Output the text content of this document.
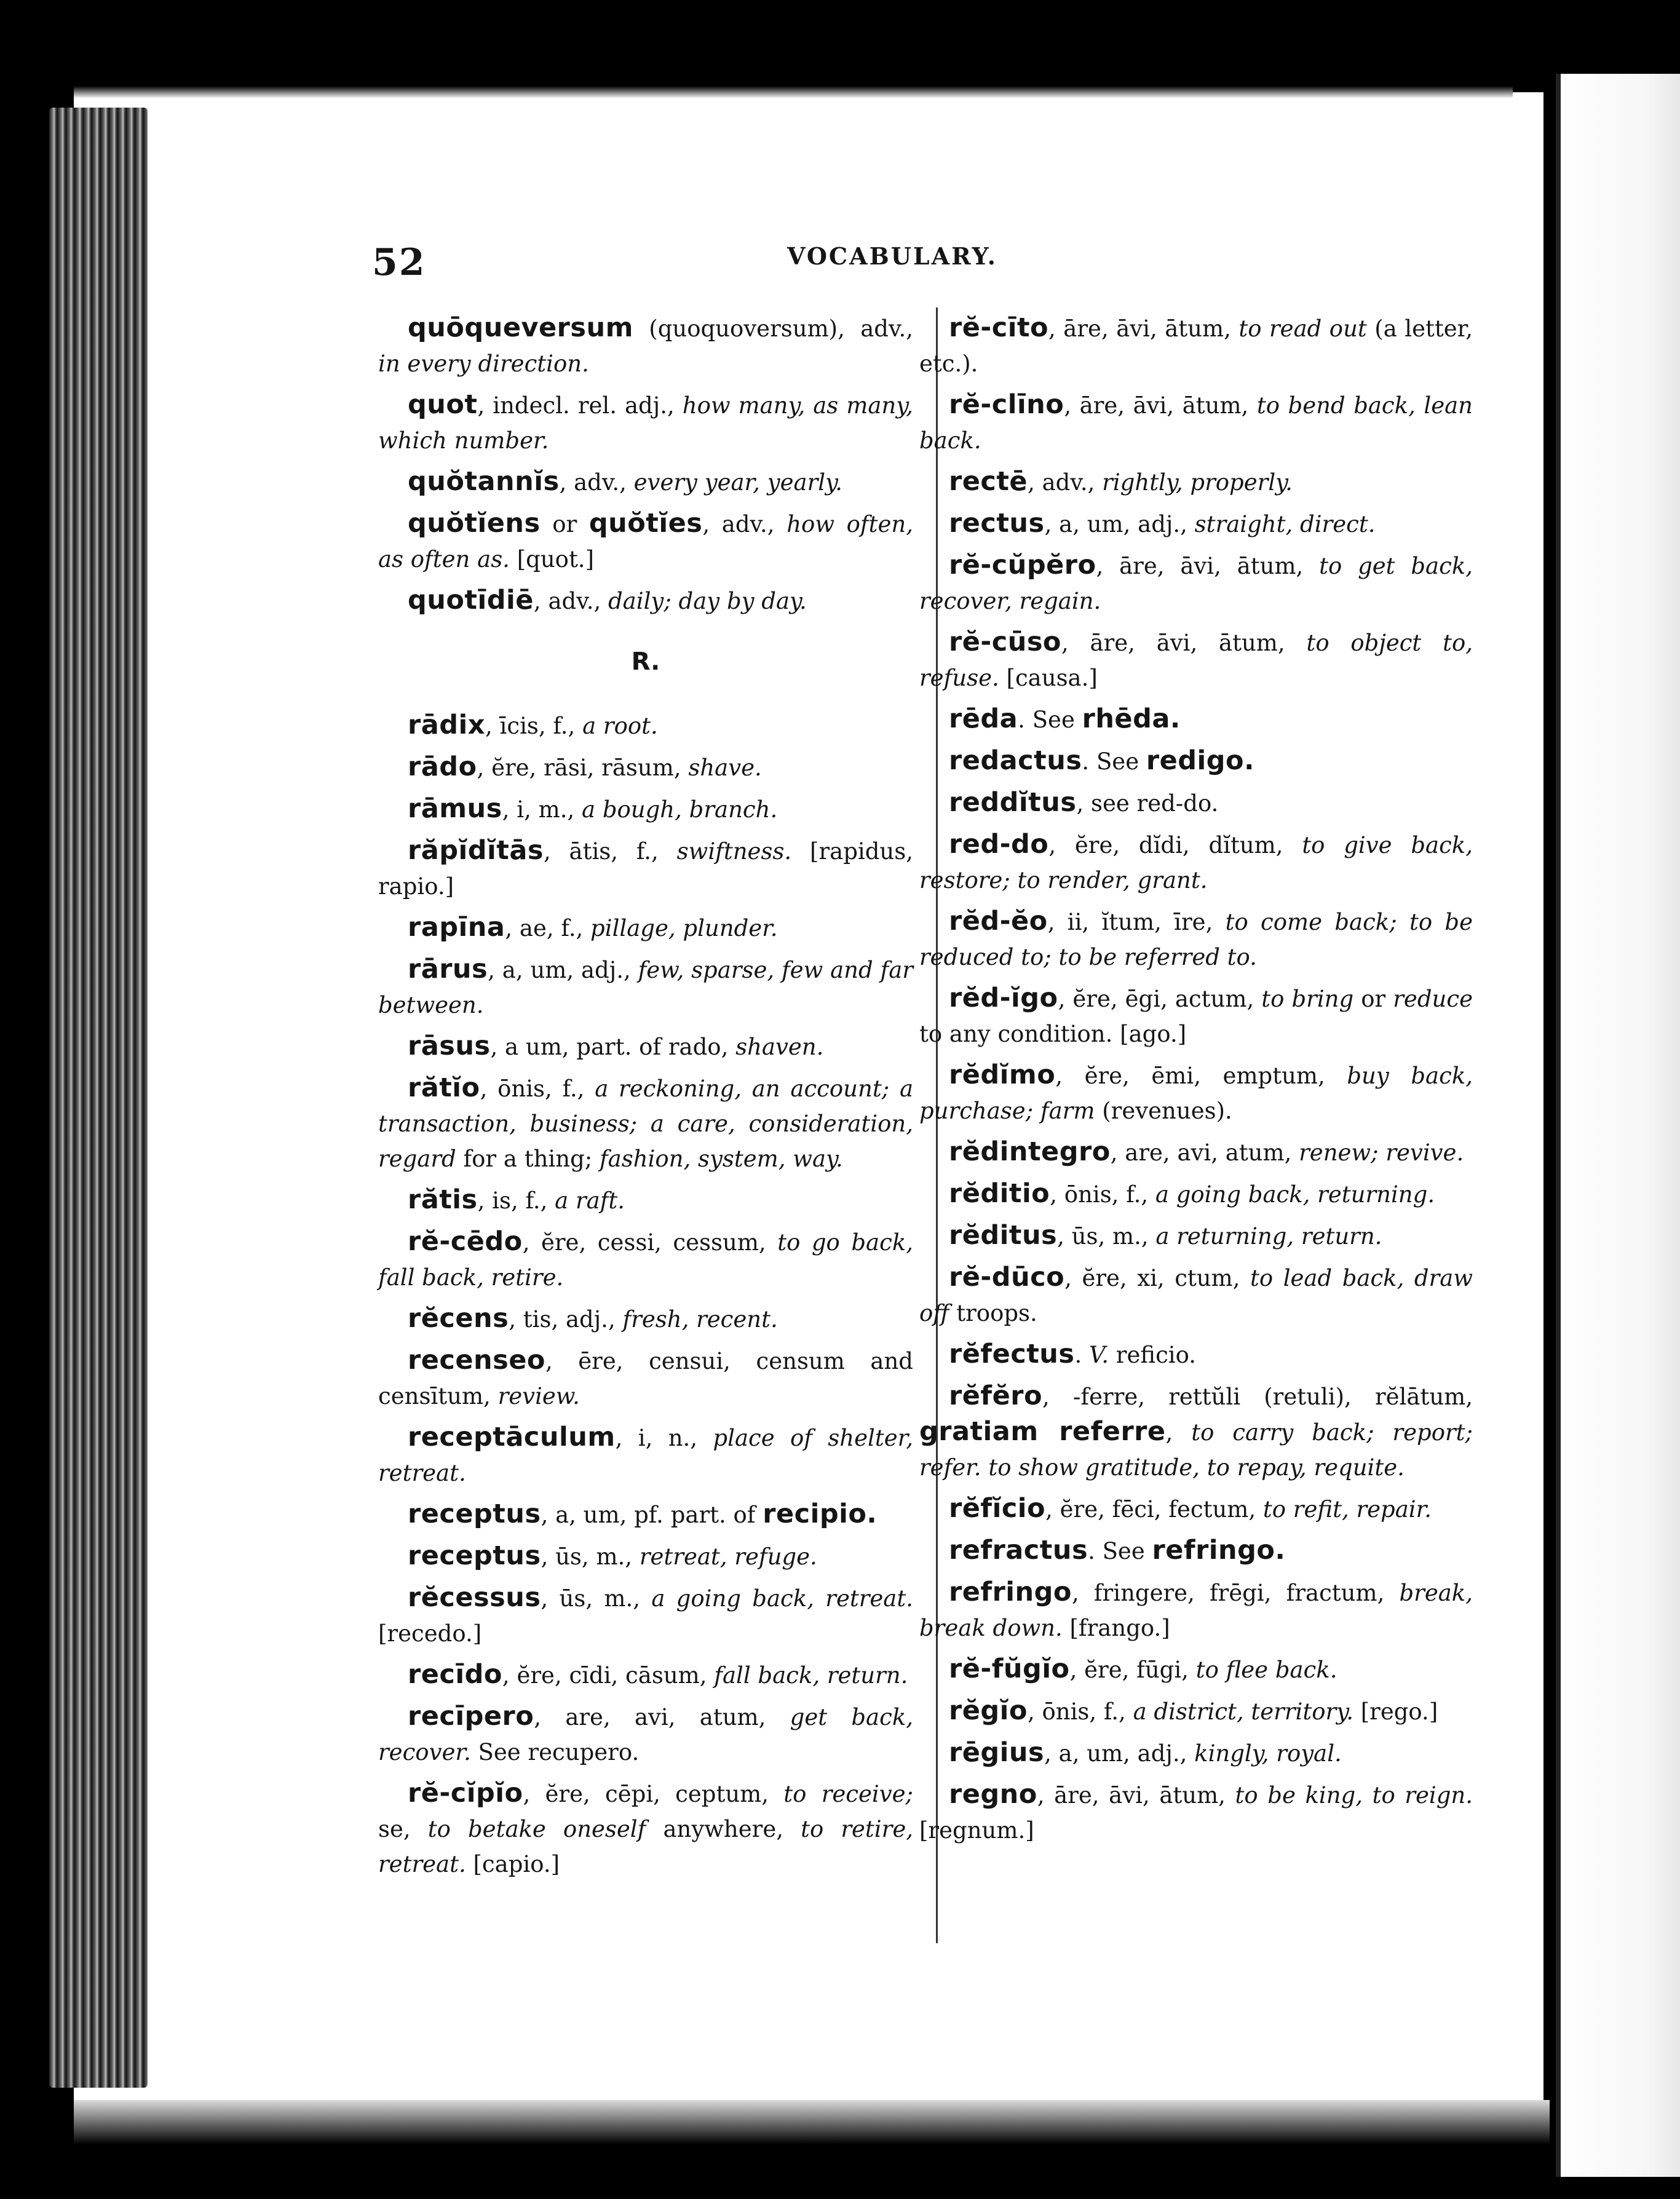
52	VOCABULARY.

quōqueversum (quoquoversum), adv., in every direction.

quot, indecl. rel. adj., how many, as many, which number.

quŏtannĭs, adv., every year, yearly.

quŏtĭens or quŏtĭes, adv., how often, as often as. [quot.]

quotīdiē, adv., daily; day by day.

R.

rādix, īcis, f., a root.

rādo, ĕre, rāsi, rāsum, shave.

rāmus, i, m., a bough, branch.

răpĭdĭtās, ātis, f., swiftness. [rapidus, rapio.]

rapīna, ae, f., pillage, plunder.

rārus, a, um, adj., few, sparse, few and far between.

rāsus, a um, part. of rado, shaven.

rătĭo, ōnis, f., a reckoning, an account; a transaction, business; a care, consideration, regard for a thing; fashion, system, way.

rătis, is, f., a raft.

rĕ-cēdo, ĕre, cessi, cessum, to go back, fall back, retire.

rĕcens, tis, adj., fresh, recent.

recenseo, ēre, censui, censum and censītum, review.

receptāculum, i, n., place of shelter, retreat.

receptus, a, um, pf. part. of recipio.

receptus, ūs, m., retreat, refuge.

rĕcessus, ūs, m., a going back, retreat. [recedo.]

recīdo, ĕre, cīdi, cāsum, fall back, return.

recīpero, are, avi, atum, get back, recover. See recupero.

rĕ-cĭpĭo, ĕre, cēpi, ceptum, to receive; se, to betake oneself anywhere, to retire, retreat. [capio.]

rĕ-cīto, āre, āvi, ātum, to read out (a letter, etc.).

rĕ-clīno, āre, āvi, ātum, to bend back, lean back.

rectē, adv., rightly, properly.

rectus, a, um, adj., straight, direct.

rĕ-cŭpĕro, āre, āvi, ātum, to get back, recover, regain.

rĕ-cūso, āre, āvi, ātum, to object to, refuse. [causa.]

rēda. See rhēda.

redactus. See redigo.

reddĭtus, see red-do.

red-do, ĕre, dĭdi, dĭtum, to give back, restore; to render, grant.

rĕd-ĕo, ii, ĭtum, īre, to come back; to be reduced to; to be referred to.

rĕd-ĭgo, ĕre, ēgi, actum, to bring or reduce to any condition. [ago.]

rĕdĭmo, ĕre, ēmi, emptum, buy back, purchase; farm (revenues).

rĕdintegro, are, avi, atum, renew; revive.

rĕditio, ōnis, f., a going back, returning.

rĕditus, ūs, m., a returning, return.

rĕ-dūco, ĕre, xi, ctum, to lead back, draw off troops.

rĕfectus. V. reficio.

rĕfĕro, -ferre, rettŭli (retuli), rĕlātum, gratiam referre, to carry back; report; refer. to show gratitude, to repay, requite.

rĕfĭcio, ĕre, fēci, fectum, to refit, repair.

refractus. See refringo.

refringo, fringere, frēgi, fractum, break, break down. [frango.]

rĕ-fŭgĭo, ĕre, fūgi, to flee back.

rĕgĭo, ōnis, f., a district, territory. [rego.]

rēgius, a, um, adj., kingly, royal.

regno, āre, āvi, ātum, to be king, to reign. [regnum.]
